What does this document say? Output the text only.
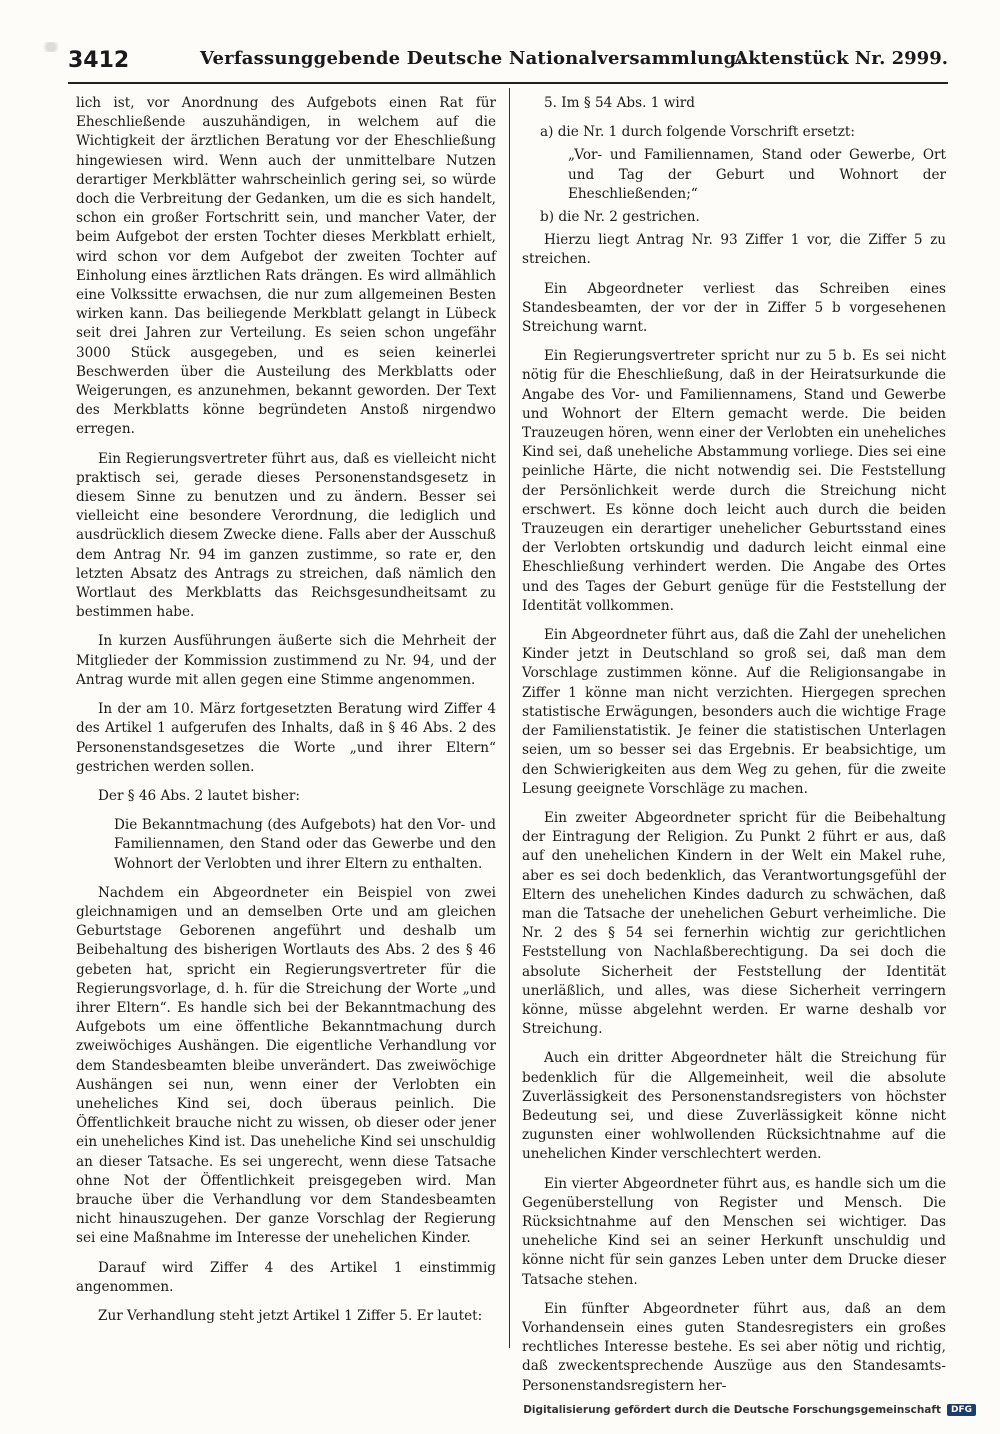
3412	Verfassunggebende Deutsche Nationalversammlung.
Aktenstück Nr. 2999.

lich ist, vor Anordnung des Aufgebots einen Rat für Eheschließende auszuhändigen, in welchem auf die Wichtigkeit der ärztlichen Beratung vor der Eheschließung hingewiesen wird. Wenn auch der unmittelbare Nutzen derartiger Merkblätter wahrscheinlich gering sei, so würde doch die Verbreitung der Gedanken, um die es sich handelt, schon ein großer Fortschritt sein, und mancher Vater, der beim Aufgebot der ersten Tochter dieses Merkblatt erhielt, wird schon vor dem Aufgebot der zweiten Tochter auf Einholung eines ärztlichen Rats drängen. Es wird allmählich eine Volkssitte erwachsen, die nur zum allgemeinen Besten wirken kann. Das beiliegende Merkblatt gelangt in Lübeck seit drei Jahren zur Verteilung. Es seien schon ungefähr 3000 Stück ausgegeben, und es seien keinerlei Beschwerden über die Austeilung des Merkblatts oder Weigerungen, es anzunehmen, bekannt geworden. Der Text des Merkblatts könne begründeten Anstoß nirgendwo erregen.

Ein Regierungsvertreter führt aus, daß es vielleicht nicht praktisch sei, gerade dieses Personenstandsgesetz in diesem Sinne zu benutzen und zu ändern. Besser sei vielleicht eine besondere Verordnung, die lediglich und ausdrücklich diesem Zwecke diene. Falls aber der Ausschuß dem Antrag Nr. 94 im ganzen zustimme, so rate er, den letzten Absatz des Antrags zu streichen, daß nämlich den Wortlaut des Merkblatts das Reichsgesundheitsamt zu bestimmen habe.

In kurzen Ausführungen äußerte sich die Mehrheit der Mitglieder der Kommission zustimmend zu Nr. 94, und der Antrag wurde mit allen gegen eine Stimme angenommen.

In der am 10. März fortgesetzten Beratung wird Ziffer 4 des Artikel 1 aufgerufen des Inhalts, daß in § 46 Abs. 2 des Personenstandsgesetzes die Worte „und ihrer Eltern“ gestrichen werden sollen.

Der § 46 Abs. 2 lautet bisher:

Die Bekanntmachung (des Aufgebots) hat den Vor- und Familiennamen, den Stand oder das Gewerbe und den Wohnort der Verlobten und ihrer Eltern zu enthalten.

Nachdem ein Abgeordneter ein Beispiel von zwei gleichnamigen und an demselben Orte und am gleichen Geburtstage Geborenen angeführt und deshalb um Beibehaltung des bisherigen Wortlauts des Abs. 2 des § 46 gebeten hat, spricht ein Regierungsvertreter für die Regierungsvorlage, d. h. für die Streichung der Worte „und ihrer Eltern“. Es handle sich bei der Bekanntmachung des Aufgebots um eine öffentliche Bekanntmachung durch zweiwöchiges Aushängen. Die eigentliche Verhandlung vor dem Standesbeamten bleibe unverändert. Das zweiwöchige Aushängen sei nun, wenn einer der Verlobten ein uneheliches Kind sei, doch überaus peinlich. Die Öffentlichkeit brauche nicht zu wissen, ob dieser oder jener ein uneheliches Kind ist. Das uneheliche Kind sei unschuldig an dieser Tatsache. Es sei ungerecht, wenn diese Tatsache ohne Not der Öffentlichkeit preisgegeben wird. Man brauche über die Verhandlung vor dem Standesbeamten nicht hinauszugehen. Der ganze Vorschlag der Regierung sei eine Maßnahme im Interesse der unehelichen Kinder.

Darauf wird Ziffer 4 des Artikel 1 einstimmig angenommen.

Zur Verhandlung steht jetzt Artikel 1 Ziffer 5. Er lautet:

5. Im § 54 Abs. 1 wird

a) die Nr. 1 durch folgende Vorschrift ersetzt:

„Vor- und Familiennamen, Stand oder Gewerbe, Ort und Tag der Geburt und Wohnort der Eheschließenden;“

b) die Nr. 2 gestrichen.

Hierzu liegt Antrag Nr. 93 Ziffer 1 vor, die Ziffer 5 zu streichen.

Ein Abgeordneter verliest das Schreiben eines Standesbeamten, der vor der in Ziffer 5 b vorgesehenen Streichung warnt.

Ein Regierungsvertreter spricht nur zu 5 b. Es sei nicht nötig für die Eheschließung, daß in der Heiratsurkunde die Angabe des Vor- und Familiennamens, Stand und Gewerbe und Wohnort der Eltern gemacht werde. Die beiden Trauzeugen hören, wenn einer der Verlobten ein uneheliches Kind sei, daß uneheliche Abstammung vorliege. Dies sei eine peinliche Härte, die nicht notwendig sei. Die Feststellung der Persönlichkeit werde durch die Streichung nicht erschwert. Es könne doch leicht auch durch die beiden Trauzeugen ein derartiger unehelicher Geburtsstand eines der Verlobten ortskundig und dadurch leicht einmal eine Eheschließung verhindert werden. Die Angabe des Ortes und des Tages der Geburt genüge für die Feststellung der Identität vollkommen.

Ein Abgeordneter führt aus, daß die Zahl der unehelichen Kinder jetzt in Deutschland so groß sei, daß man dem Vorschlage zustimmen könne. Auf die Religionsangabe in Ziffer 1 könne man nicht verzichten. Hiergegen sprechen statistische Erwägungen, besonders auch die wichtige Frage der Familienstatistik. Je feiner die statistischen Unterlagen seien, um so besser sei das Ergebnis. Er beabsichtige, um den Schwierigkeiten aus dem Weg zu gehen, für die zweite Lesung geeignete Vorschläge zu machen.

Ein zweiter Abgeordneter spricht für die Beibehaltung der Eintragung der Religion. Zu Punkt 2 führt er aus, daß auf den unehelichen Kindern in der Welt ein Makel ruhe, aber es sei doch bedenklich, das Verantwortungsgefühl der Eltern des unehelichen Kindes dadurch zu schwächen, daß man die Tatsache der unehelichen Geburt verheimliche. Die Nr. 2 des § 54 sei fernerhin wichtig zur gerichtlichen Feststellung von Nachlaßberechtigung. Da sei doch die absolute Sicherheit der Feststellung der Identität unerläßlich, und alles, was diese Sicherheit verringern könne, müsse abgelehnt werden. Er warne deshalb vor Streichung.

Auch ein dritter Abgeordneter hält die Streichung für bedenklich für die Allgemeinheit, weil die absolute Zuverlässigkeit des Personenstandsregisters von höchster Bedeutung sei, und diese Zuverlässigkeit könne nicht zugunsten einer wohlwollenden Rücksichtnahme auf die unehelichen Kinder verschlechtert werden.

Ein vierter Abgeordneter führt aus, es handle sich um die Gegenüberstellung von Register und Mensch. Die Rücksichtnahme auf den Menschen sei wichtiger. Das uneheliche Kind sei an seiner Herkunft unschuldig und könne nicht für sein ganzes Leben unter dem Drucke dieser Tatsache stehen.

Ein fünfter Abgeordneter führt aus, daß an dem Vorhandensein eines guten Standesregisters ein großes rechtliches Interesse bestehe. Es sei aber nötig und richtig, daß zweckentsprechende Auszüge aus den Standesamts-Personenstandsregistern her-

Digitalisierung gefördert durch die Deutsche Forschungsgemeinschaft	DFG
